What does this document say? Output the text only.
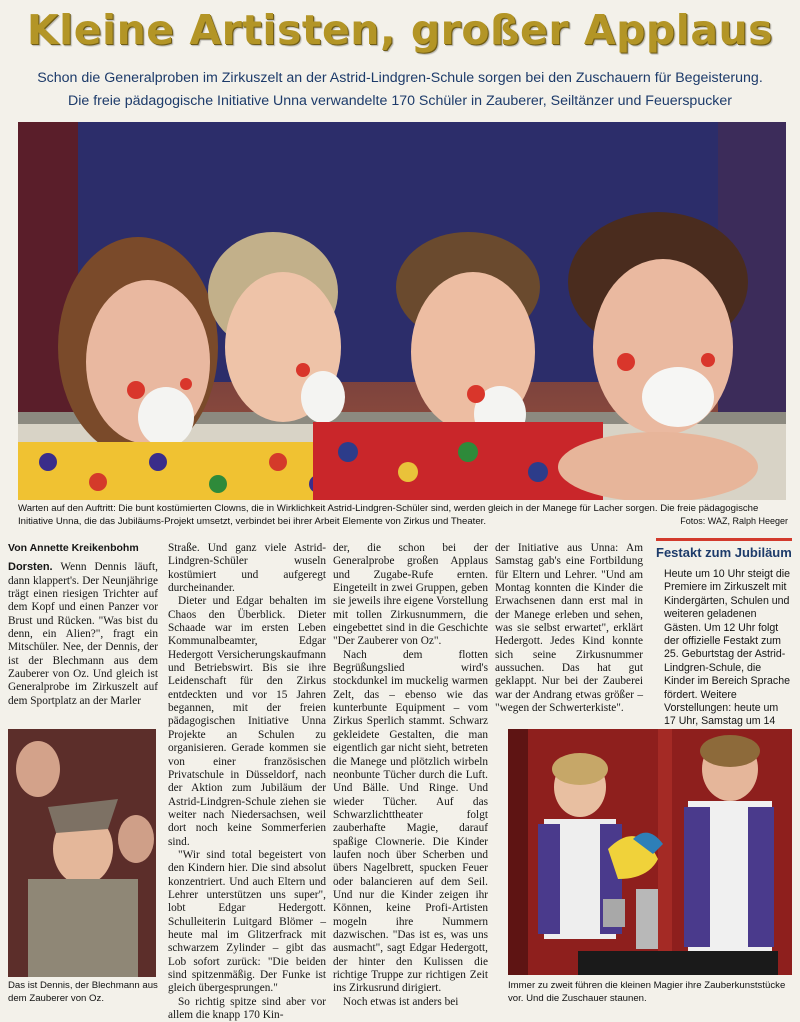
Kleine Artisten, großer Applaus

Schon die Generalproben im Zirkuszelt an der Astrid-Lindgren-Schule sorgen bei den Zuschauern für Begeisterung.

Die freie pädagogische Initiative Unna verwandelte 170 Schüler in Zauberer, Seiltänzer und Feuerspucker

Warten auf den Auftritt: Die bunt kostümierten Clowns, die in Wirklichkeit Astrid-Lindgren-Schüler sind, werden gleich in der Manege für Lacher sorgen. Die freie pädagogische Initiative Unna, die das Jubiläums-Projekt umsetzt, verbindet bei ihrer Arbeit Elemente von Zirkus und Theater.	Fotos: WAZ, Ralph Heeger
Von Annette Kreikenbohm

Dorsten. Wenn Dennis läuft, dann klappert's. Der Neunjährige trägt einen riesigen Trichter auf dem Kopf und einen Panzer vor Brust und Rücken. "Was bist du denn, ein Alien?", fragt ein Mitschüler. Nee, der Dennis, der ist der Blechmann aus dem Zauberer von Oz. Und gleich ist Generalprobe im Zirkuszelt auf dem Sportplatz an der Marler

Das ist Dennis, der Blechmann aus dem Zauberer von Oz.

Straße. Und ganz viele Astrid-Lindgren-Schüler wuseln kostümiert und aufgeregt durcheinander.

Dieter und Edgar behalten im Chaos den Überblick. Dieter Schaade war im ersten Leben Kommunalbeamter, Edgar Hedergott Versicherungskaufmann und Betriebswirt. Bis sie ihre Leidenschaft für den Zirkus entdeckten und vor 15 Jahren begannen, mit der freien pädagogischen Initiative Unna Projekte an Schulen zu organisieren. Gerade kommen sie von einer französischen Privatschule in Düsseldorf, nach der Aktion zum Jubiläum der Astrid-Lindgren-Schule ziehen sie weiter nach Niedersachsen, weil dort noch keine Sommerferien sind.

"Wir sind total begeistert von den Kindern hier. Die sind absolut konzentriert. Und auch Eltern und Lehrer unterstützen uns super", lobt Edgar Hedergott. Schulleiterin Luitgard Blömer – heute mal im Glitzerfrack mit schwarzem Zylinder – gibt das Lob sofort zurück: "Die beiden sind spitzenmäßig. Der Funke ist gleich übergesprungen."

So richtig spitze sind aber vor allem die knapp 170 Kin-

der, die schon bei der Generalprobe großen Applaus und Zugabe-Rufe ernten. Eingeteilt in zwei Gruppen, geben sie jeweils ihre eigene Vorstellung mit tollen Zirkusnummern, die eingebettet sind in die Geschichte "Der Zauberer von Oz".

Nach dem flotten Begrüßungslied wird's stockdunkel im muckelig warmen Zelt, das – ebenso wie das kunterbunte Equipment – vom Zirkus Sperlich stammt. Schwarz gekleidete Gestalten, die man eigentlich gar nicht sieht, betreten die Manege und plötzlich wirbeln neonbunte Tücher durch die Luft. Und Bälle. Und Ringe. Und wieder Tücher. Auf das Schwarzlichttheater folgt zauberhafte Magie, darauf spaßige Clownerie. Die Kinder laufen noch über Scherben und übers Nagelbrett, spucken Feuer oder balancieren auf dem Seil. Und nur die Kinder zeigen ihr Können, keine Profi-Artisten mogeln ihre Nummern dazwischen. "Das ist es, was uns ausmacht", sagt Edgar Hedergott, der hinter den Kulissen die richtige Truppe zur richtigen Zeit ins Zirkusrund dirigiert.

Noch etwas ist anders bei

der Initiative aus Unna: Am Samstag gab's eine Fortbildung für Eltern und Lehrer. "Und am Montag konnten die Kinder die Erwachsenen dann erst mal in der Manege erleben und sehen, was sie selbst erwartet", erklärt Hedergott. Jedes Kind konnte sich seine Zirkusnummer aussuchen. Das hat gut geklappt. Nur bei der Zauberei war der Andrang etwas größer – "wegen der Schwerterkiste".

Festakt zum Jubiläum

Heute um 10 Uhr steigt die Premiere im Zirkuszelt mit Kindergärten, Schulen und weiteren geladenen Gästen. Um 12 Uhr folgt der offizielle Festakt zum 25. Geburtstag der Astrid-Lindgren-Schule, die Kinder im Bereich Sprache fördert. Weitere Vorstellungen: heute um 17 Uhr, Samstag um 14

Immer zu zweit führen die kleinen Magier ihre Zauberkunststücke vor. Und die Zuschauer staunen.
